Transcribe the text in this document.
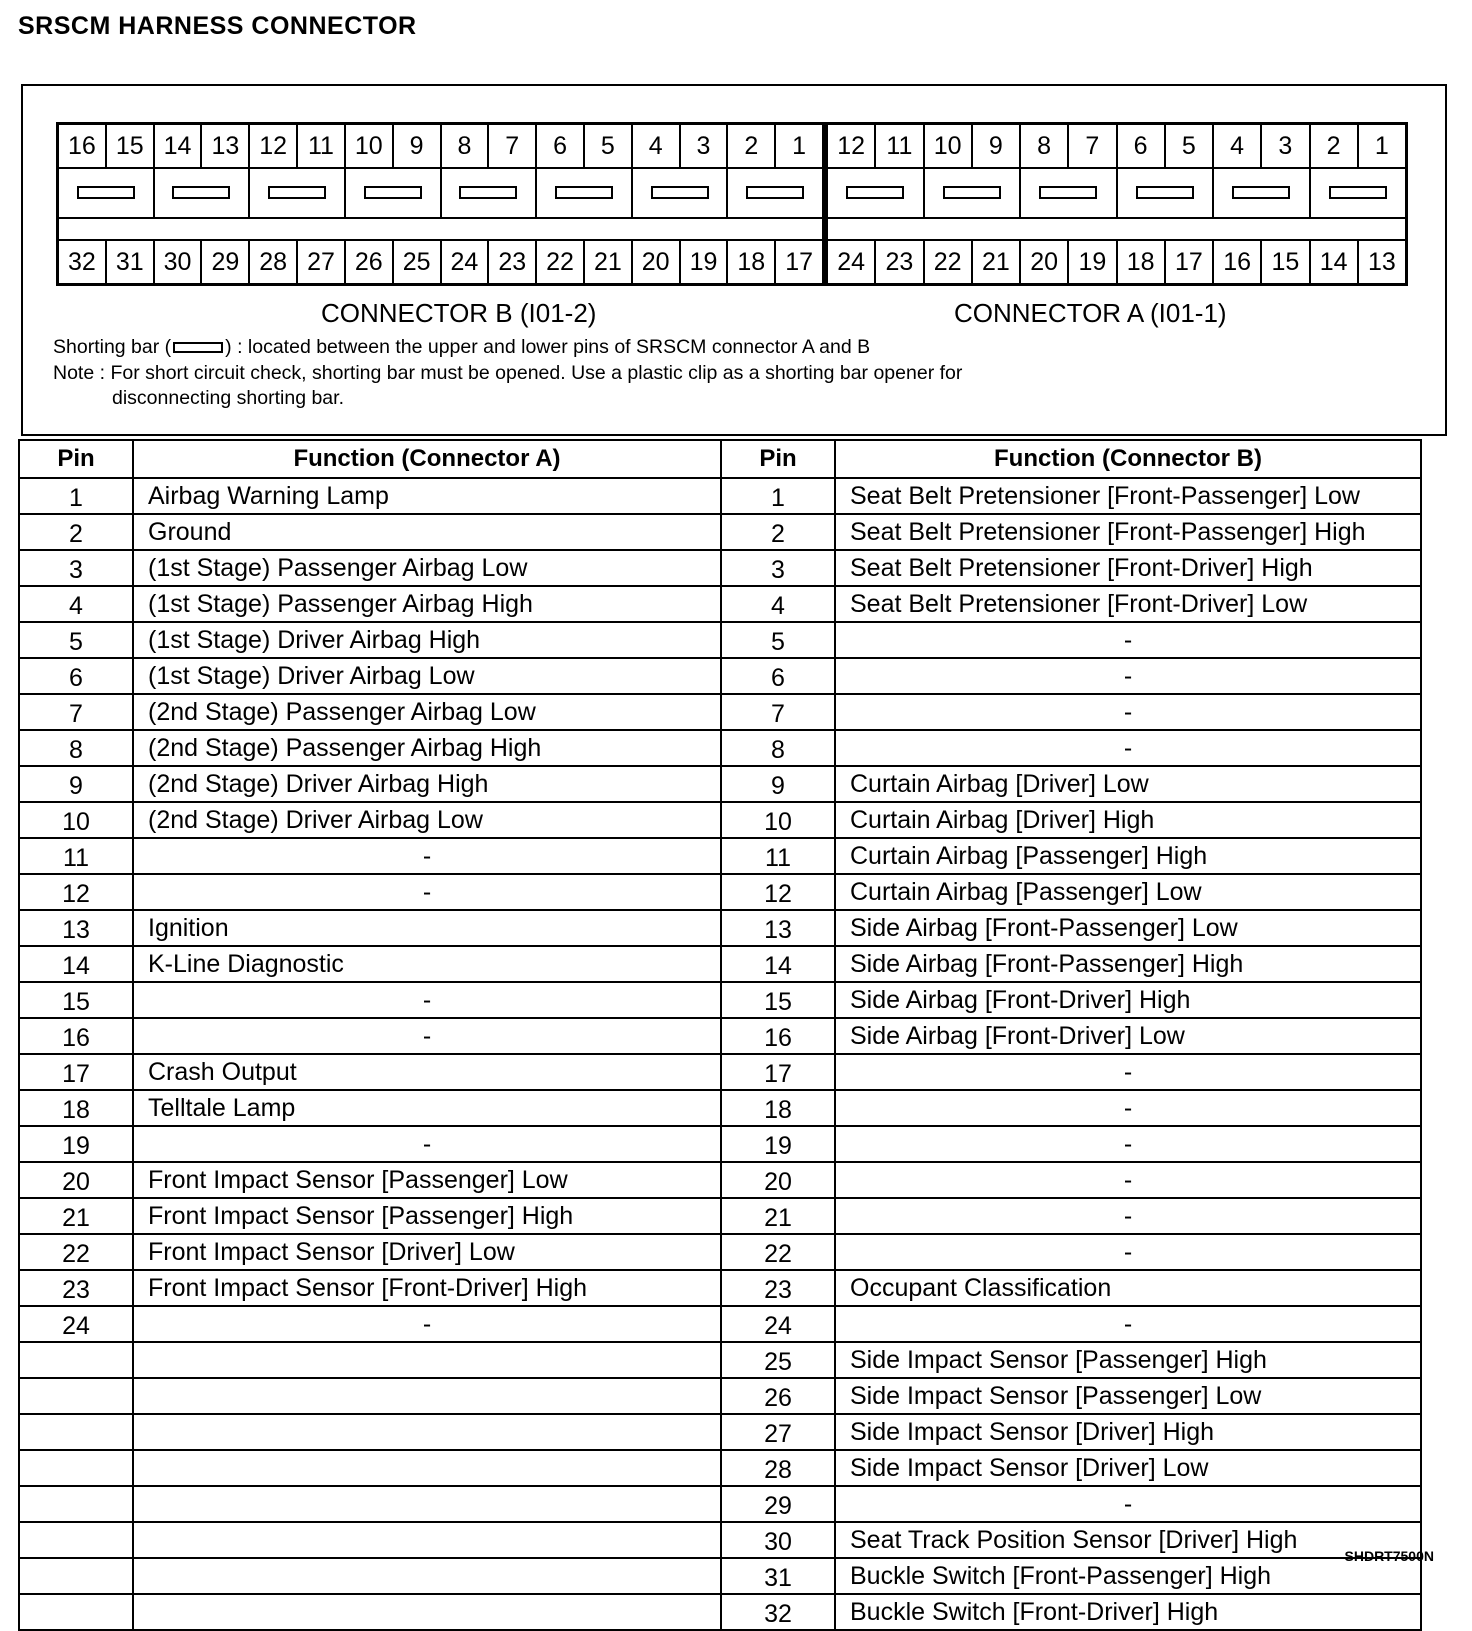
SRSCM HARNESS CONNECTOR
16 15 14 13 12 11 10	9	8	7	6	5	4	3	2	1
32 31 30 29 28 27 26 25 24 23 22 21 20 19 18 17
12 11 10	9	8	7	6	5	4	3	2	1
24 23 22 21 20 19 18 17 16 15 14 13
CONNECTOR B (I01-2)	CONNECTOR A (I01-1)
Shorting bar (	) : located between the upper and lower pins of SRSCM connector A and B
Note : For short circuit check, shorting bar must be opened. Use a plastic clip as a shorting bar opener for
disconnecting shorting bar.
Pin	Function (Connector A)	Pin	Function (Connector B)
1	Airbag Warning Lamp	1	Seat Belt Pretensioner [Front-Passenger] Low
2	Ground	2	Seat Belt Pretensioner [Front-Passenger] High
3	(1st Stage) Passenger Airbag Low	3	Seat Belt Pretensioner [Front-Driver] High
4	(1st Stage) Passenger Airbag High	4	Seat Belt Pretensioner [Front-Driver] Low
5	(1st Stage) Driver Airbag High	5	-
6	(1st Stage) Driver Airbag Low	6	-
7	(2nd Stage) Passenger Airbag Low	7	-
8	(2nd Stage) Passenger Airbag High	8	-
9	(2nd Stage) Driver Airbag High	9	Curtain Airbag [Driver] Low
10	(2nd Stage) Driver Airbag Low	10	Curtain Airbag [Driver] High
11	-	11	Curtain Airbag [Passenger] High
12	-	12	Curtain Airbag [Passenger] Low
13	Ignition	13	Side Airbag [Front-Passenger] Low
14	K-Line Diagnostic	14	Side Airbag [Front-Passenger] High
15	-	15	Side Airbag [Front-Driver] High
16	-	16	Side Airbag [Front-Driver] Low
17	Crash Output	17	-
18	Telltale Lamp	18	-
19	-	19	-
20	Front Impact Sensor [Passenger] Low	20	-
21	Front Impact Sensor [Passenger] High	21	-
22	Front Impact Sensor [Driver] Low	22	-
23	Front Impact Sensor [Front-Driver] High	23	Occupant Classification
24	-	24	-
		25	Side Impact Sensor [Passenger] High
		26	Side Impact Sensor [Passenger] Low
		27	Side Impact Sensor [Driver] High
		28	Side Impact Sensor [Driver] Low
		29	-
		30	Seat Track Position Sensor [Driver] High
		31	Buckle Switch [Front-Passenger] High
		32	Buckle Switch [Front-Driver] High
SHDRT7500N
